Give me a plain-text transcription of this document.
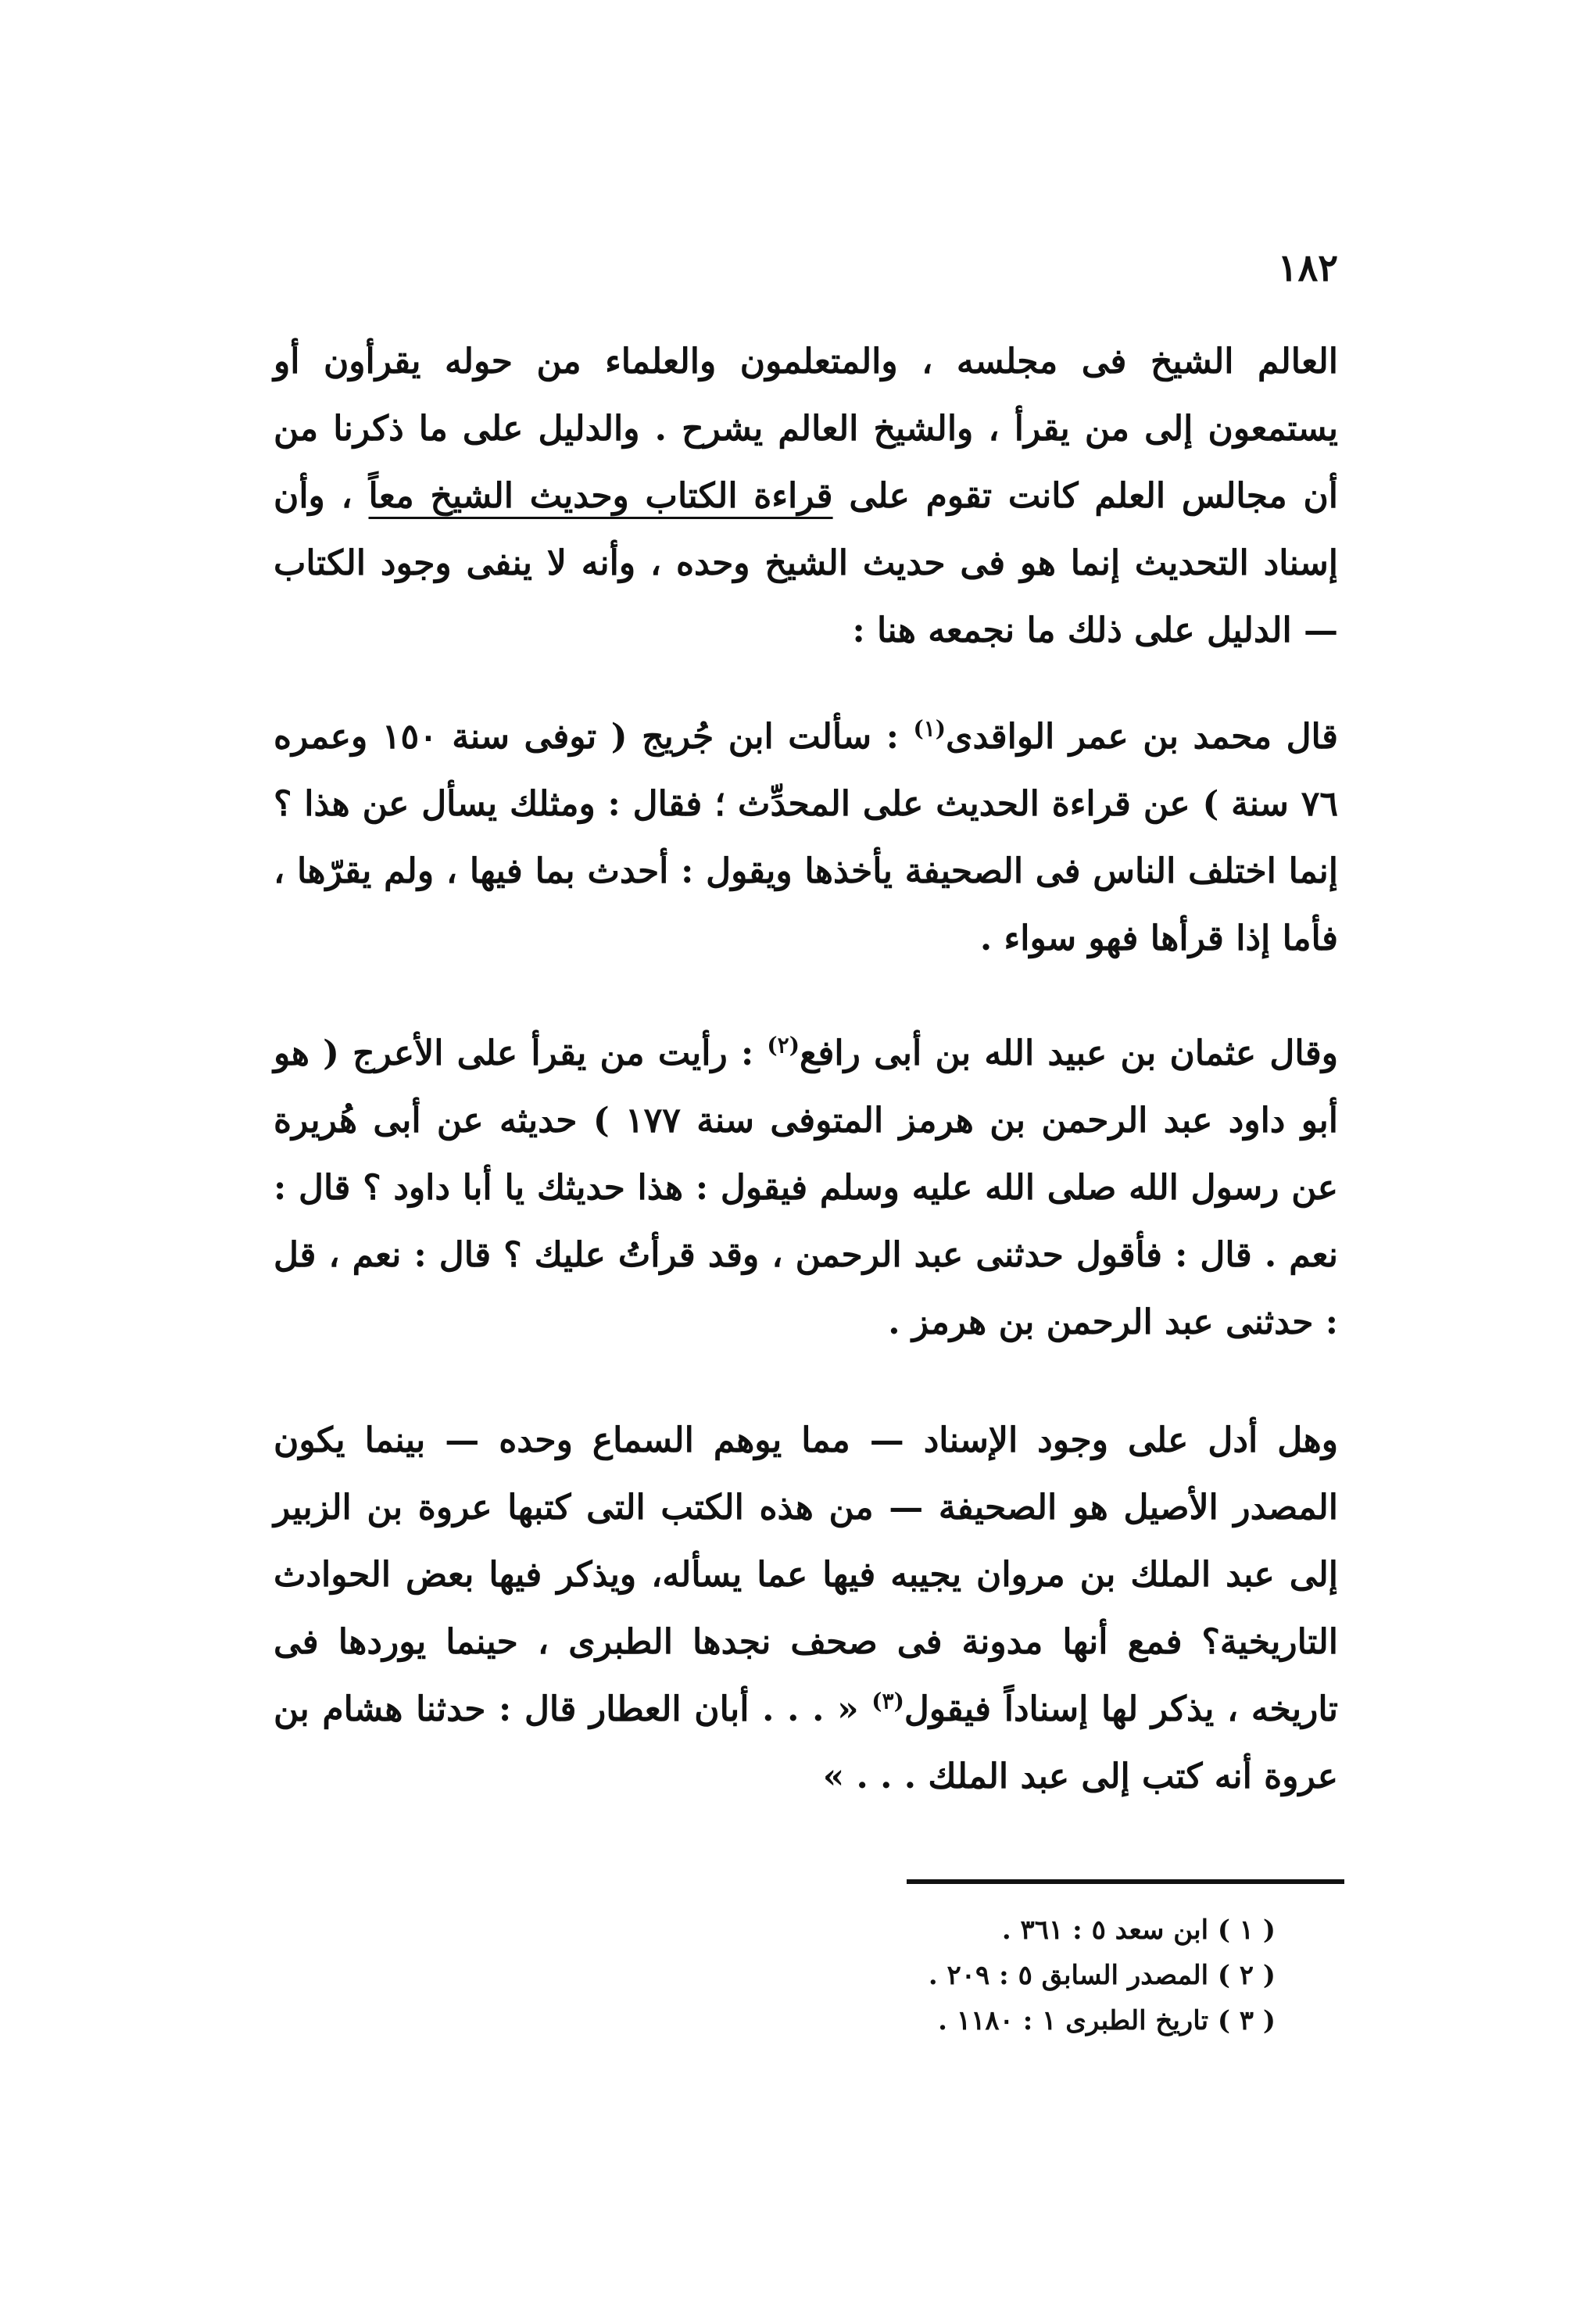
١٨٢

العالم الشيخ فى مجلسه ، والمتعلمون والعلماء من حوله يقرأون أو يستمعون إلى من يقرأ ، والشيخ العالم يشرح . والدليل على ما ذكرنا من أن مجالس العلم كانت تقوم على قراءة الكتاب وحديث الشيخ معاً ، وأن إسناد التحديث إنما هو فى حديث الشيخ وحده ، وأنه لا ينفى وجود الكتاب — الدليل على ذلك ما نجمعه هنا :

قال محمد بن عمر الواقدى$^{(١)}$ : سألت ابن جُريج ( توفى سنة ١٥٠ وعمره ٧٦ سنة ) عن قراءة الحديث على المحدِّث ؛ فقال : ومثلك يسأل عن هذا ؟ إنما اختلف الناس فى الصحيفة يأخذها ويقول : أحدث بما فيها ، ولم يقرّها ، فأما إذا قرأها فهو سواء .

وقال عثمان بن عبيد الله بن أبى رافع$^{(٢)}$ : رأيت من يقرأ على الأعرج ( هو أبو داود عبد الرحمن بن هرمز المتوفى سنة ١٧٧ ) حديثه عن أبى هُريرة عن رسول الله صلى الله عليه وسلم فيقول : هذا حديثك يا أبا داود ؟ قال : نعم . قال : فأقول حدثنى عبد الرحمن ، وقد قرأتُ عليك ؟ قال : نعم ، قل : حدثنى عبد الرحمن بن هرمز .

وهل أدل على وجود الإسناد — مما يوهم السماع وحده — بينما يكون المصدر الأصيل هو الصحيفة — من هذه الكتب التى كتبها عروة بن الزبير إلى عبد الملك بن مروان يجيبه فيها عما يسأله، ويذكر فيها بعض الحوادث التاريخية؟ فمع أنها مدونة فى صحف نجدها الطبرى ، حينما يوردها فى تاريخه ، يذكر لها إسناداً فيقول$^{(٣)}$ « . . . أبان العطار قال : حدثنا هشام بن عروة أنه كتب إلى عبد الملك . . . »

( ١ ) ابن سعد ٥ : ٣٦١ .
( ٢ ) المصدر السابق ٥ : ٢٠٩ .
( ٣ ) تاريخ الطبرى ١ : ١١٨٠ .
